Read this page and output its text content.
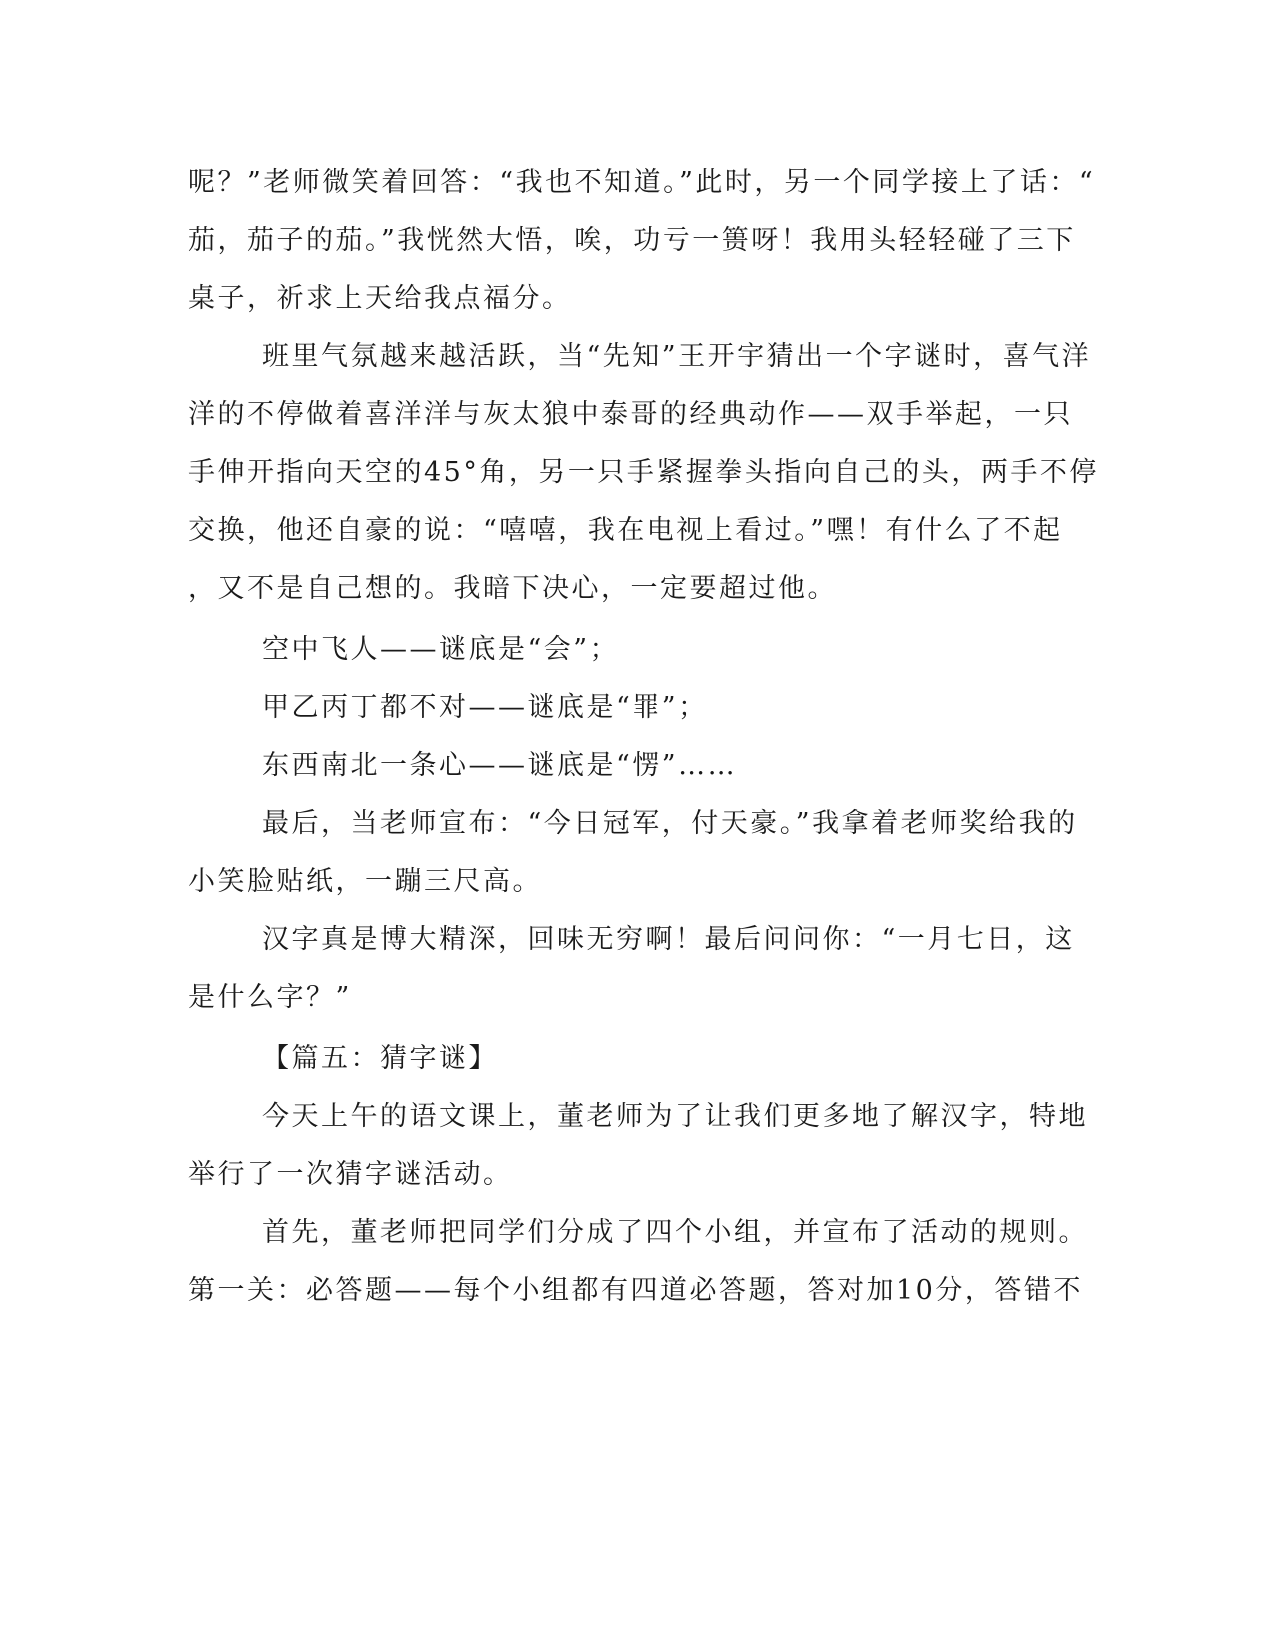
呢？”老师微笑着回答：“我也不知道。”此时，另一个同学接上了话：“
茄，茄子的茄。”我恍然大悟，唉，功亏一篑呀！我用头轻轻碰了三下
桌子，祈求上天给我点福分。
班里气氛越来越活跃，当“先知”王开宇猜出一个字谜时，喜气洋
洋的不停做着喜洋洋与灰太狼中泰哥的经典动作——双手举起，一只
手伸开指向天空的45°角，另一只手紧握拳头指向自己的头，两手不停
交换，他还自豪的说：“嘻嘻，我在电视上看过。”嘿！有什么了不起
，又不是自己想的。我暗下决心，一定要超过他。
空中飞人——谜底是“会”；
甲乙丙丁都不对——谜底是“罪”；
东西南北一条心——谜底是“愣”……
最后，当老师宣布：“今日冠军，付天豪。”我拿着老师奖给我的
小笑脸贴纸，一蹦三尺高。
汉字真是博大精深，回味无穷啊！最后问问你：“一月七日，这
是什么字？”
【篇五：猜字谜】
今天上午的语文课上，董老师为了让我们更多地了解汉字，特地
举行了一次猜字谜活动。
首先，董老师把同学们分成了四个小组，并宣布了活动的规则。
第一关：必答题——每个小组都有四道必答题，答对加10分，答错不
